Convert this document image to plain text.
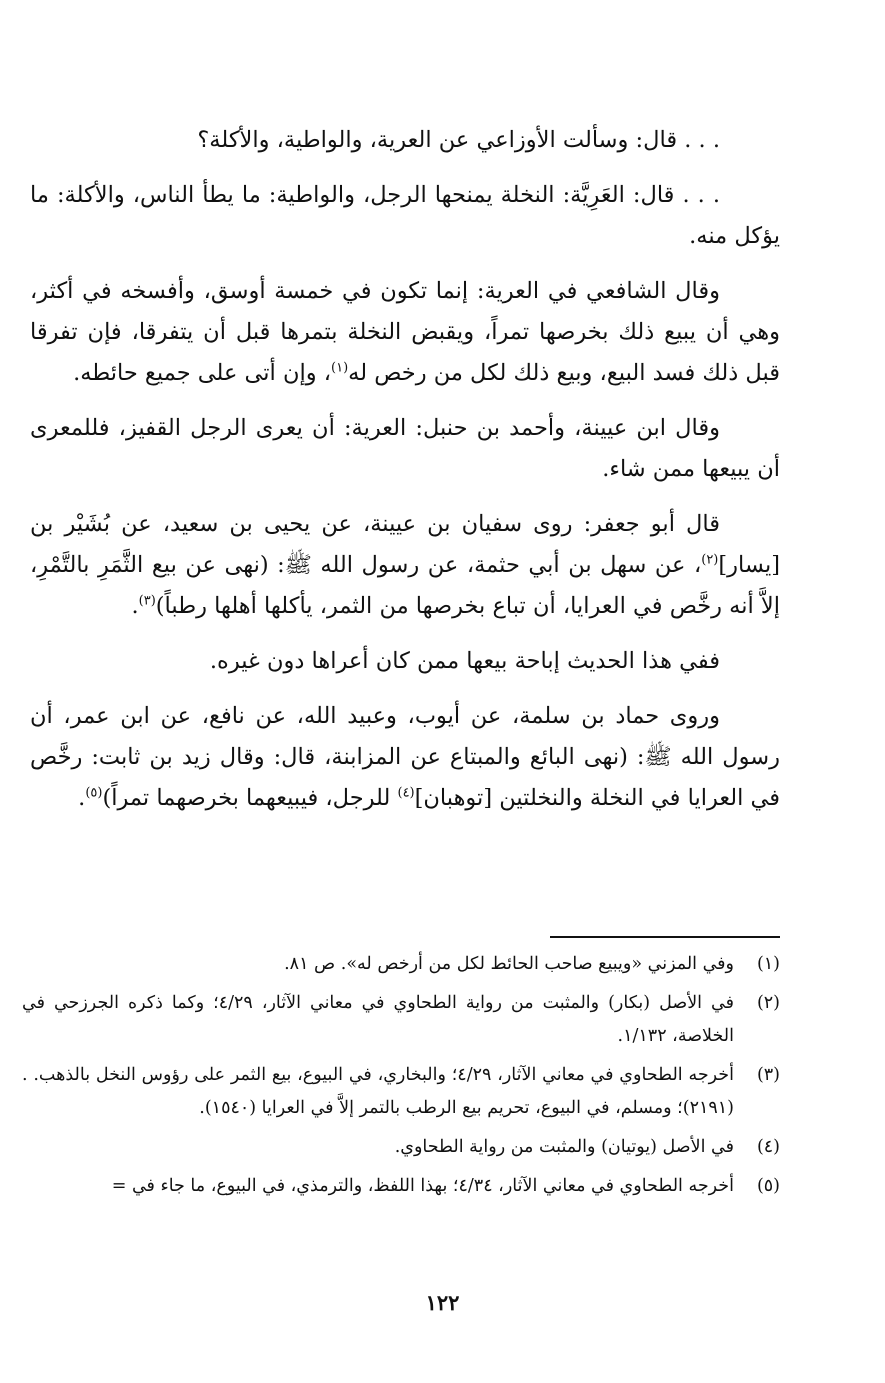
. . . قال: وسألت الأوزاعي عن العرية، والواطية، والأكلة؟

. . . قال: العَرِيَّة: النخلة يمنحها الرجل، والواطية: ما يطأ الناس، والأكلة: ما يؤكل منه.

وقال الشافعي في العرية: إنما تكون في خمسة أوسق، وأفسخه في أكثر، وهي أن يبيع ذلك بخرصها تمراً، ويقبض النخلة بتمرها قبل أن يتفرقا، فإن تفرقا قبل ذلك فسد البيع، وبيع ذلك لكل من رخص له$^{(١)}$، وإن أتى على جميع حائطه.

وقال ابن عيينة، وأحمد بن حنبل: العرية: أن يعرى الرجل القفيز، فللمعرى أن يبيعها ممن شاء.

قال أبو جعفر: روى سفيان بن عيينة، عن يحيى بن سعيد، عن بُشَيْر بن [يسار]$^{(٢)}$، عن سهل بن أبي حثمة، عن رسول الله ﷺ: (نهى عن بيع الثَّمَرِ بالتَّمْرِ، إلاَّ أنه رخَّص في العرايا، أن تباع بخرصها من الثمر، يأكلها أهلها رطباً)$^{(٣)}$.

ففي هذا الحديث إباحة بيعها ممن كان أعراها دون غيره.

وروى حماد بن سلمة، عن أيوب، وعبيد الله، عن نافع، عن ابن عمر، أن رسول الله ﷺ: (نهى البائع والمبتاع عن المزابنة، قال: وقال زيد بن ثابت: رخَّص في العرايا في النخلة والنخلتين [توهبان]$^{(٤)}$ للرجل، فيبيعهما بخرصهما تمراً)$^{(٥)}$.

(١)
وفي المزني «ويبيع صاحب الحائط لكل من أرخص له». ص ٨١.
(٢)
في الأصل (بكار) والمثبت من رواية الطحاوي في معاني الآثار، ٤/٢٩؛ وكما ذكره الجرزحي في الخلاصة، ١/١٣٢.
(٣)
أخرجه الطحاوي في معاني الآثار، ٤/٢٩؛ والبخاري، في البيوع، بيع الثمر على رؤوس النخل بالذهب. . (٢١٩١)؛ ومسلم، في البيوع، تحريم بيع الرطب بالتمر إلاَّ في العرايا (١٥٤٠).
(٤)
في الأصل (يوتيان) والمثبت من رواية الطحاوي.
(٥)
أخرجه الطحاوي في معاني الآثار، ٤/٣٤؛ بهذا اللفظ، والترمذي، في البيوع، ما جاء في =
١٢٢
